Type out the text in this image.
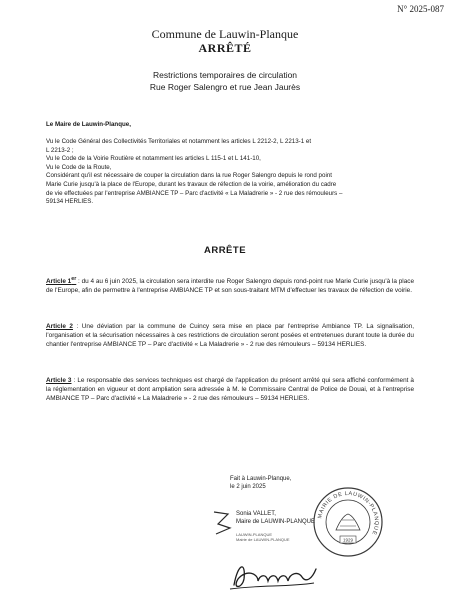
N° 2025-087
Commune de Lauwin-Planque
ARRÊTÉ
Restrictions temporaires de circulation
Rue Roger Salengro et rue Jean Jaurès
Le Maire de Lauwin-Planque,

Vu le Code Général des Collectivités Territoriales et notamment les articles L 2212-2, L 2213-1 et

L 2213-2 ;

Vu le Code de la Voirie Routière et notamment les articles L 115-1 et L 141-10,

Vu le Code de la Route,

Considérant qu'il est nécessaire de couper la circulation dans la rue Roger Salengro depuis le rond point

Marie Curie jusqu'à la place de l'Europe, durant les travaux de réfection de la voirie, amélioration du cadre

de vie effectuées par l'entreprise AMBIANCE TP – Parc d'activité « La Maladrerie » - 2 rue des rémouleurs –

59134 HERLIES.

ARRÊTE
Article 1er : du 4 au 6 juin 2025, la circulation sera interdite rue Roger Salengro depuis rond-point rue Marie Curie jusqu'à la place de l'Europe, afin de permettre à l'entreprise AMBIANCE TP et son sous-traitant MTM d'effectuer les travaux de réfection de voirie.
Article 2 : Une déviation par la commune de Cuincy sera mise en place par l'entreprise Ambiance TP. La signalisation, l'organisation et la sécurisation nécessaires à ces restrictions de circulation seront posées et entretenues durant toute la durée du chantier l'entreprise AMBIANCE TP – Parc d'activité « La Maladrerie » - 2 rue des rémouleurs – 59134 HERLIES.
Article 3 : Le responsable des services techniques est chargé de l'application du présent arrêté qui sera affiché conformément à la réglementation en vigueur et dont ampliation sera adressée à M. le Commissaire Central de Police de Douai, et à l'entreprise AMBIANCE TP – Parc d'activité « La Maladrerie » - 2 rue des rémouleurs – 59134 HERLIES.
Fait à Lauwin-Planque,
le 2 juin 2025
Sonia VALLET,
Maire de LAUWIN-PLANQUE
LAUWIN-PLANQUE
Mairie de LAUWIN-PLANQUE
MAIRIE DE LAUWIN-PLANQUE
1929
